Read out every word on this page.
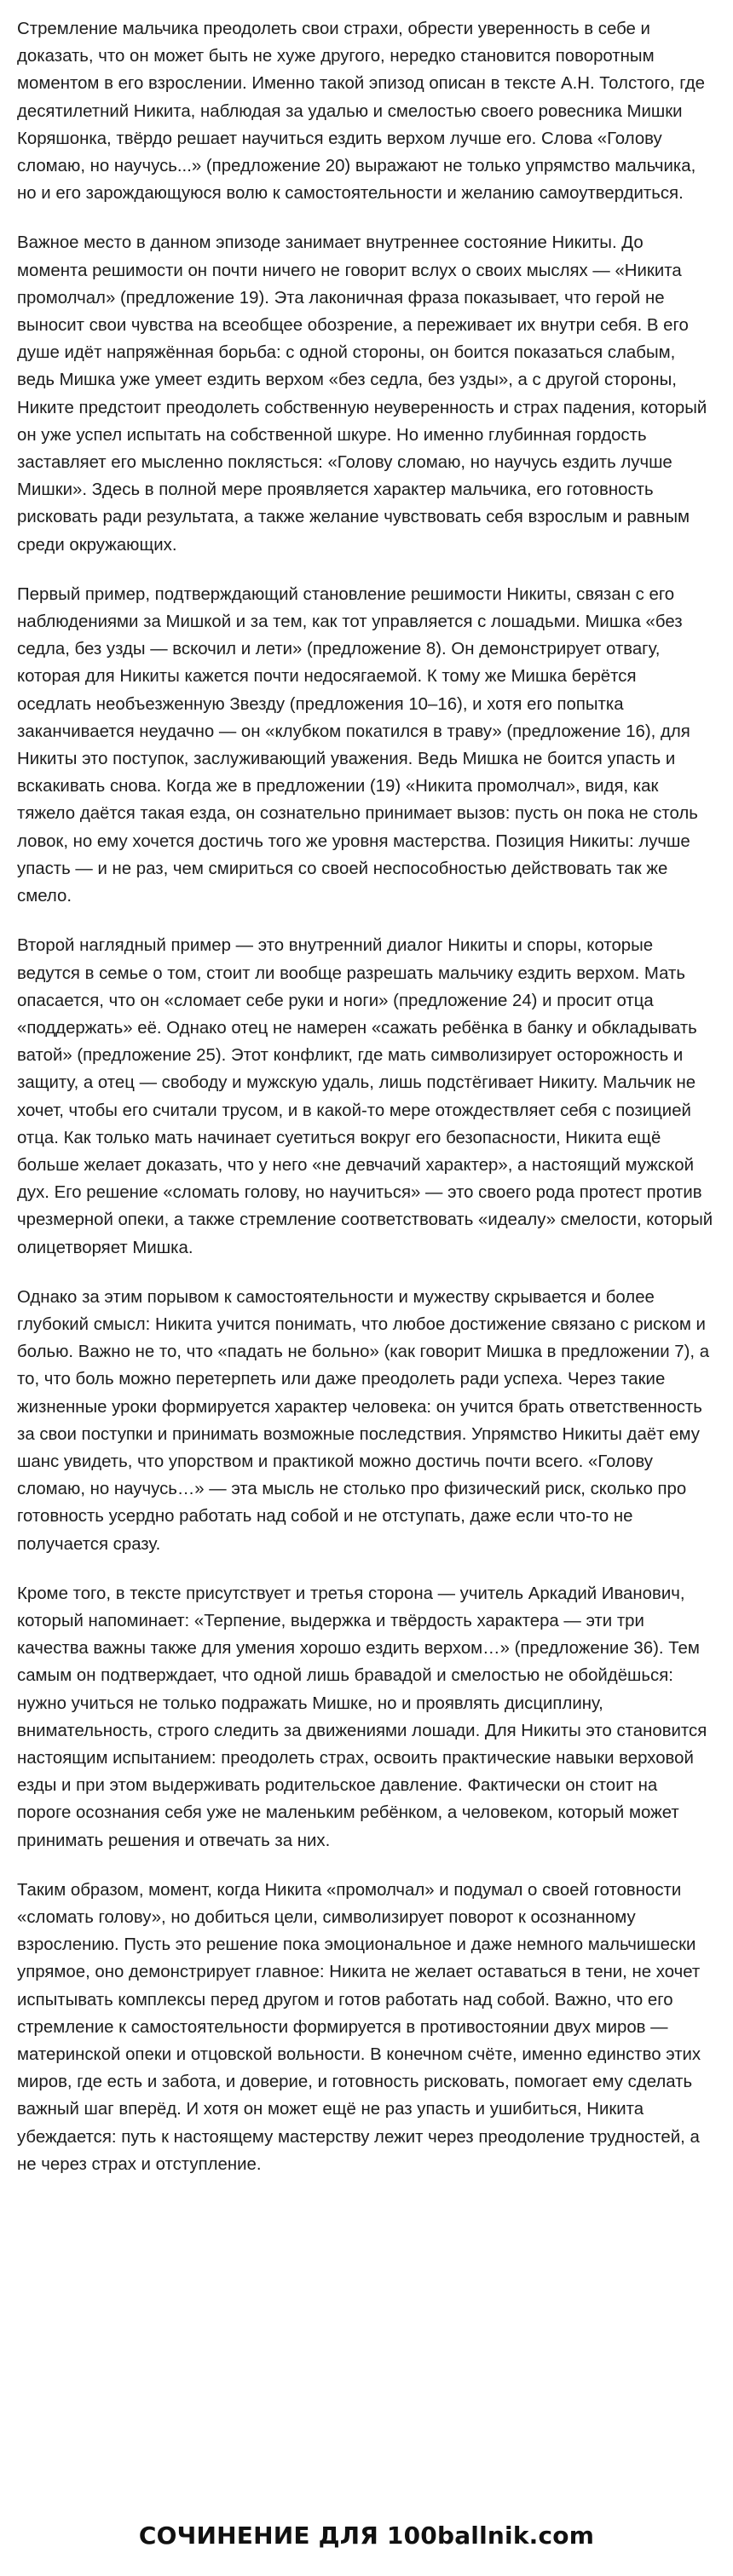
Стремление мальчика преодолеть свои страхи, обрести уверенность в себе и доказать, что он может быть не хуже другого, нередко становится поворотным моментом в его взрослении. Именно такой эпизод описан в тексте А.Н. Толстого, где десятилетний Никита, наблюдая за удалью и смелостью своего ровесника Мишки Коряшонка, твёрдо решает научиться ездить верхом лучше его. Слова «Голову сломаю, но научусь...» (предложение 20) выражают не только упрямство мальчика, но и его зарождающуюся волю к самостоятельности и желанию самоутвердиться.

Важное место в данном эпизоде занимает внутреннее состояние Никиты. До момента решимости он почти ничего не говорит вслух о своих мыслях — «Никита промолчал» (предложение 19). Эта лаконичная фраза показывает, что герой не выносит свои чувства на всеобщее обозрение, а переживает их внутри себя. В его душе идёт напряжённая борьба: с одной стороны, он боится показаться слабым, ведь Мишка уже умеет ездить верхом «без седла, без узды», а с другой стороны, Никите предстоит преодолеть собственную неуверенность и страх падения, который он уже успел испытать на собственной шкуре. Но именно глубинная гордость заставляет его мысленно поклясться: «Голову сломаю, но научусь ездить лучше Мишки». Здесь в полной мере проявляется характер мальчика, его готовность рисковать ради результата, а также желание чувствовать себя взрослым и равным среди окружающих.

Первый пример, подтверждающий становление решимости Никиты, связан с его наблюдениями за Мишкой и за тем, как тот управляется с лошадьми. Мишка «без седла, без узды — вскочил и лети» (предложение 8). Он демонстрирует отвагу, которая для Никиты кажется почти недосягаемой. К тому же Мишка берётся оседлать необъезженную Звезду (предложения 10–16), и хотя его попытка заканчивается неудачно — он «клубком покатился в траву» (предложение 16), для Никиты это поступок, заслуживающий уважения. Ведь Мишка не боится упасть и вскакивать снова. Когда же в предложении (19) «Никита промолчал», видя, как тяжело даётся такая езда, он сознательно принимает вызов: пусть он пока не столь ловок, но ему хочется достичь того же уровня мастерства. Позиция Никиты: лучше упасть — и не раз, чем смириться со своей неспособностью действовать так же смело.

Второй наглядный пример — это внутренний диалог Никиты и споры, которые ведутся в семье о том, стоит ли вообще разрешать мальчику ездить верхом. Мать опасается, что он «сломает себе руки и ноги» (предложение 24) и просит отца «поддержать» её. Однако отец не намерен «сажать ребёнка в банку и обкладывать ватой» (предложение 25). Этот конфликт, где мать символизирует осторожность и защиту, а отец — свободу и мужскую удаль, лишь подстёгивает Никиту. Мальчик не хочет, чтобы его считали трусом, и в какой-то мере отождествляет себя с позицией отца. Как только мать начинает суетиться вокруг его безопасности, Никита ещё больше желает доказать, что у него «не девчачий характер», а настоящий мужской дух. Его решение «сломать голову, но научиться» — это своего рода протест против чрезмерной опеки, а также стремление соответствовать «идеалу» смелости, который олицетворяет Мишка.

Однако за этим порывом к самостоятельности и мужеству скрывается и более глубокий смысл: Никита учится понимать, что любое достижение связано с риском и болью. Важно не то, что «падать не больно» (как говорит Мишка в предложении 7), а то, что боль можно перетерпеть или даже преодолеть ради успеха. Через такие жизненные уроки формируется характер человека: он учится брать ответственность за свои поступки и принимать возможные последствия. Упрямство Никиты даёт ему шанс увидеть, что упорством и практикой можно достичь почти всего. «Голову сломаю, но научусь…» — эта мысль не столько про физический риск, сколько про готовность усердно работать над собой и не отступать, даже если что-то не получается сразу.

Кроме того, в тексте присутствует и третья сторона — учитель Аркадий Иванович, который напоминает: «Терпение, выдержка и твёрдость характера — эти три качества важны также для умения хорошо ездить верхом…» (предложение 36). Тем самым он подтверждает, что одной лишь бравадой и смелостью не обойдёшься: нужно учиться не только подражать Мишке, но и проявлять дисциплину, внимательность, строго следить за движениями лошади. Для Никиты это становится настоящим испытанием: преодолеть страх, освоить практические навыки верховой езды и при этом выдерживать родительское давление. Фактически он стоит на пороге осознания себя уже не маленьким ребёнком, а человеком, который может принимать решения и отвечать за них.

Таким образом, момент, когда Никита «промолчал» и подумал о своей готовности «сломать голову», но добиться цели, символизирует поворот к осознанному взрослению. Пусть это решение пока эмоциональное и даже немного мальчишески упрямое, оно демонстрирует главное: Никита не желает оставаться в тени, не хочет испытывать комплексы перед другом и готов работать над собой. Важно, что его стремление к самостоятельности формируется в противостоянии двух миров — материнской опеки и отцовской вольности. В конечном счёте, именно единство этих миров, где есть и забота, и доверие, и готовность рисковать, помогает ему сделать важный шаг вперёд. И хотя он может ещё не раз упасть и ушибиться, Никита убеждается: путь к настоящему мастерству лежит через преодоление трудностей, а не через страх и отступление.

СОЧИНЕНИЕ ДЛЯ 100ballnik.com
